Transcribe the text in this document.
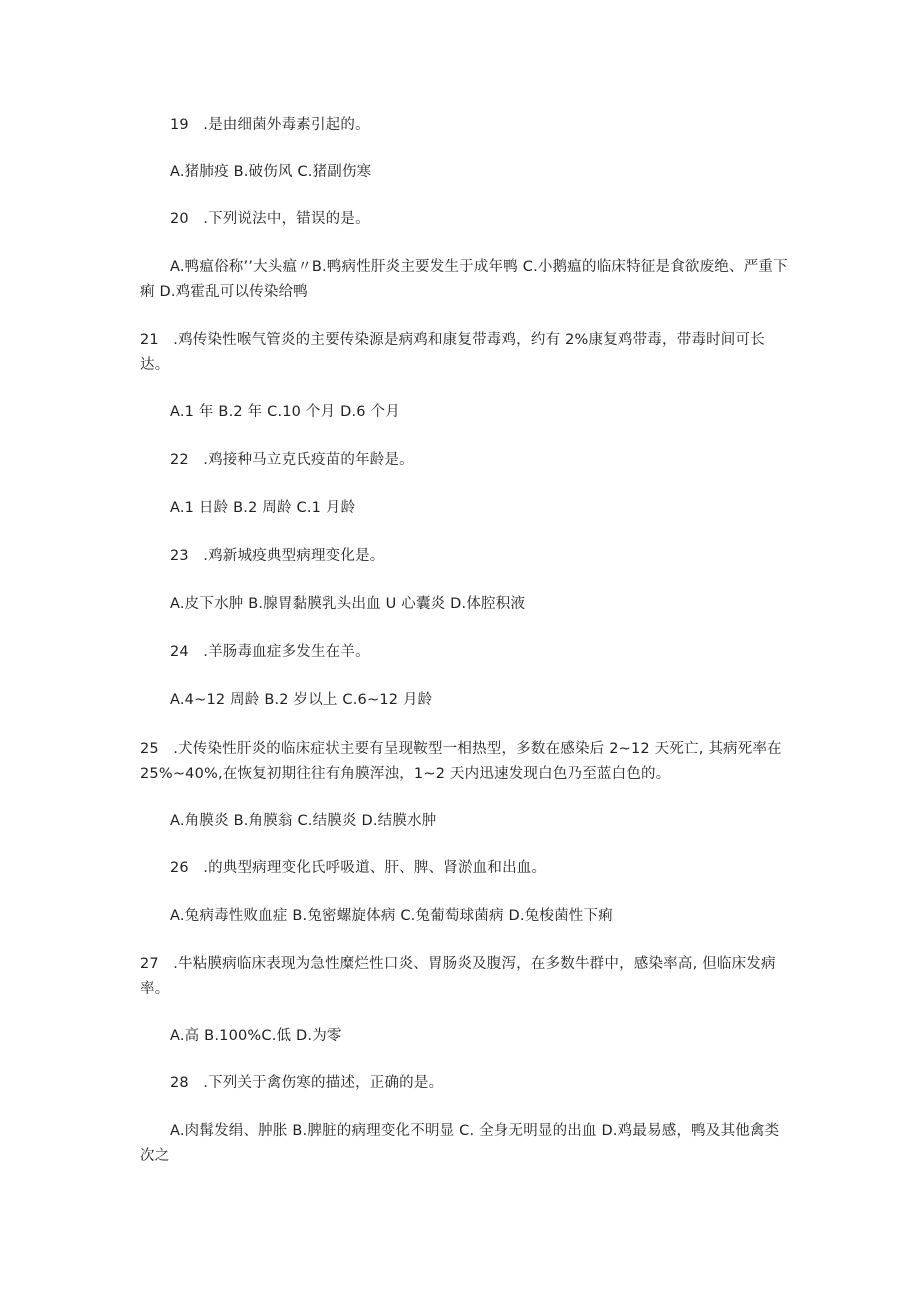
19   .是由细菌外毒素引起的。

A.猪肺疫 B.破伤风 C.猪副伤寒

20   .下列说法中，错误的是。

A.鸭瘟俗称’’大头瘟〃B.鸭病性肝炎主要发生于成年鸭 C.小鹅瘟的临床特征是食欲废绝、严重下痢 D.鸡霍乱可以传染给鸭

21   .鸡传染性喉气管炎的主要传染源是病鸡和康复带毒鸡，约有 2%康复鸡带毒，带毒时间可长达。

A.1 年 B.2 年 C.10 个月 D.6 个月

22   .鸡接种马立克氏疫苗的年龄是。

A.1 日龄 B.2 周龄 C.1 月龄

23   .鸡新城疫典型病理变化是。

A.皮下水肿 B.腺胃黏膜乳头出血 U 心囊炎 D.体腔积液

24   .羊肠毒血症多发生在羊。

A.4~12 周龄 B.2 岁以上 C.6~12 月龄

25   .犬传染性肝炎的临床症状主要有呈现鞍型一相热型，多数在感染后 2~12 天死亡, 其病死率在 25%~40%,在恢复初期往往有角膜浑浊，1~2 天内迅速发现白色乃至蓝白色的。

A.角膜炎 B.角膜翁 C.结膜炎 D.结膜水肿

26   .的典型病理变化氏呼吸道、肝、脾、肾淤血和出血。

A.兔病毒性败血症 B.兔密螺旋体病 C.兔葡萄球菌病 D.兔梭菌性下痢

27   .牛粘膜病临床表现为急性糜烂性口炎、胃肠炎及腹泻，在多数牛群中，感染率高, 但临床发病率。

A.高 B.100%C.低 D.为零

28   .下列关于禽伤寒的描述，正确的是。

A.肉髯发绢、肿胀 B.脾脏的病理变化不明显 C. 全身无明显的出血 D.鸡最易感，鸭及其他禽类次之
